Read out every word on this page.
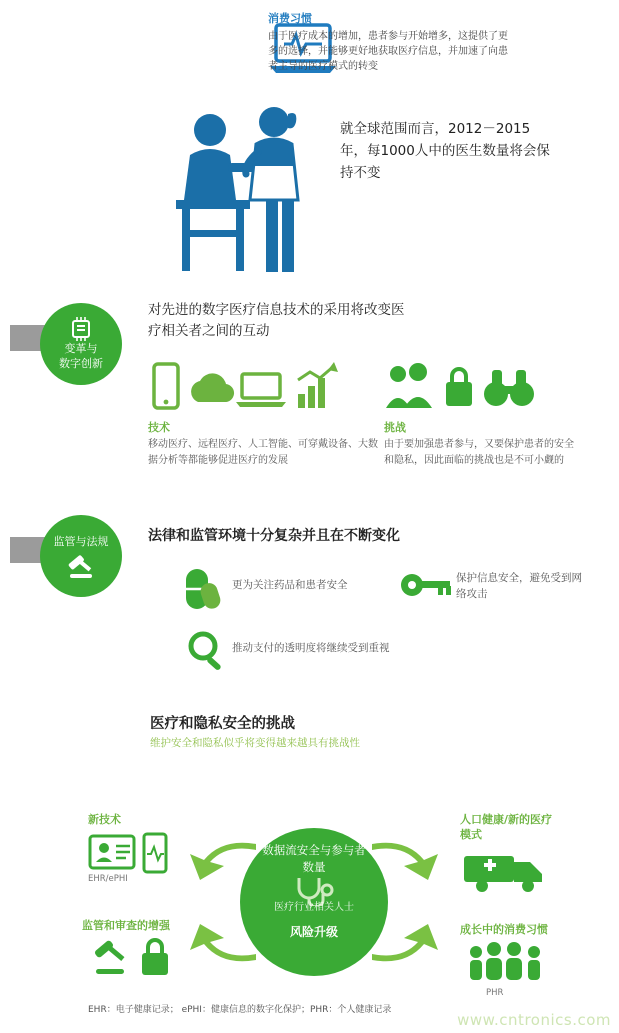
消费习惯

由于医疗成本的增加，患者参与开始增多，这提供了更多的选择，并能够更好地获取医疗信息，并加速了向患者主导的医疗模式的转变

就全球范围而言，2012－2015年，每1000人中的医生数量将会保持不变
变革与
数字创新
对先进的数字医疗信息技术的采用将改变医疗相关者之间的互动
技术
移动医疗、远程医疗、人工智能、可穿戴设备、大数据分析等都能够促进医疗的发展
挑战
由于要加强患者参与，又要保护患者的安全和隐私，因此面临的挑战也是不可小觑的
监管与法规	法律和监管环境十分复杂并且在不断变化
更为关注药品和患者安全
保护信息安全，避免受到网络攻击
推动支付的透明度将继续受到重视
医疗和隐私安全的挑战
维护安全和隐私似乎将变得越来越具有挑战性
数据流安全与参与者数量
医疗行业相关人士
风险升级
新技术
EHR/ePHI
人口健康/新的医疗模式
监管和审查的增强	成长中的消费习惯
PHR
EHR：电子健康记录； ePHI：健康信息的数字化保护；PHR：个人健康记录
www.cntronics.com
